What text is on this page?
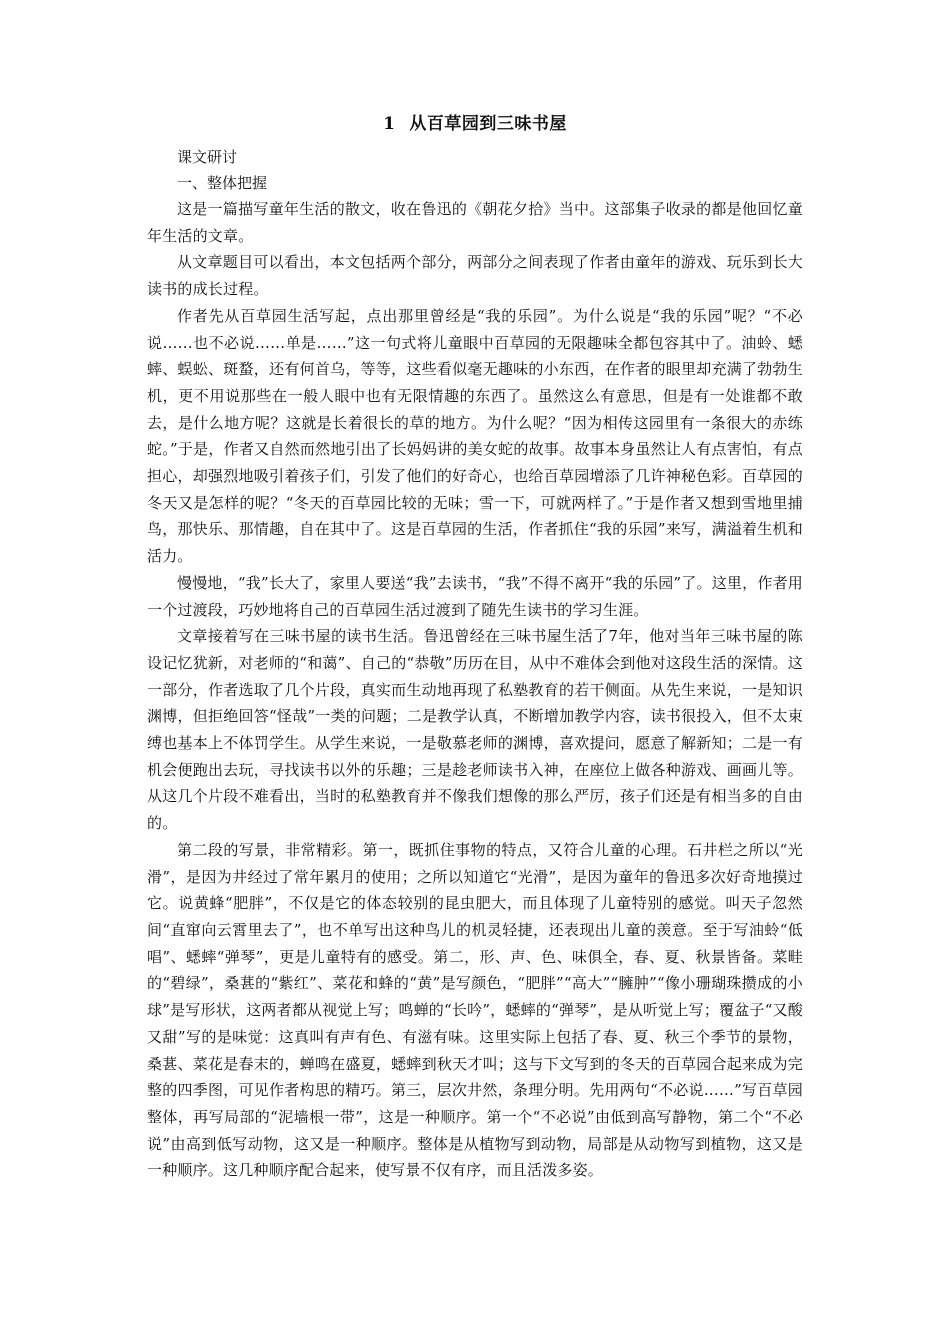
1 从百草园到三味书屋

课文研讨

一、整体把握

这是一篇描写童年生活的散文，收在鲁迅的《朝花夕拾》当中。这部集子收录的都是他回忆童年生活的文章。

从文章题目可以看出，本文包括两个部分，两部分之间表现了作者由童年的游戏、玩乐到长大读书的成长过程。

作者先从百草园生活写起，点出那里曾经是“我的乐园”。为什么说是“我的乐园”呢？“不必说……也不必说……单是……”这一句式将儿童眼中百草园的无限趣味全都包容其中了。油蛉、蟋蟀、蜈蚣、斑蝥，还有何首乌，等等，这些看似毫无趣味的小东西，在作者的眼里却充满了勃勃生机，更不用说那些在一般人眼中也有无限情趣的东西了。虽然这么有意思，但是有一处谁都不敢去，是什么地方呢？这就是长着很长的草的地方。为什么呢？“因为相传这园里有一条很大的赤练蛇。”于是，作者又自然而然地引出了长妈妈讲的美女蛇的故事。故事本身虽然让人有点害怕，有点担心，却强烈地吸引着孩子们，引发了他们的好奇心，也给百草园增添了几许神秘色彩。百草园的冬天又是怎样的呢？“冬天的百草园比较的无味；雪一下，可就两样了。”于是作者又想到雪地里捕鸟，那快乐、那情趣，自在其中了。这是百草园的生活，作者抓住“我的乐园”来写，满溢着生机和活力。

慢慢地，“我”长大了，家里人要送“我”去读书，“我”不得不离开“我的乐园”了。这里，作者用一个过渡段，巧妙地将自己的百草园生活过渡到了随先生读书的学习生涯。

文章接着写在三味书屋的读书生活。鲁迅曾经在三味书屋生活了7年，他对当年三味书屋的陈设记忆犹新，对老师的“和蔼”、自己的“恭敬”历历在目，从中不难体会到他对这段生活的深情。这一部分，作者选取了几个片段，真实而生动地再现了私塾教育的若干侧面。从先生来说，一是知识渊博，但拒绝回答“怪哉”一类的问题；二是教学认真，不断增加教学内容，读书很投入，但不太束缚也基本上不体罚学生。从学生来说，一是敬慕老师的渊博，喜欢提问，愿意了解新知；二是一有机会便跑出去玩，寻找读书以外的乐趣；三是趁老师读书入神，在座位上做各种游戏、画画儿等。从这几个片段不难看出，当时的私塾教育并不像我们想像的那么严厉，孩子们还是有相当多的自由的。

第二段的写景，非常精彩。第一，既抓住事物的特点，又符合儿童的心理。石井栏之所以“光滑”，是因为井经过了常年累月的使用；之所以知道它“光滑”，是因为童年的鲁迅多次好奇地摸过它。说黄蜂“肥胖”，不仅是它的体态较别的昆虫肥大，而且体现了儿童特别的感觉。叫天子忽然间“直窜向云霄里去了”，也不单写出这种鸟儿的机灵轻捷，还表现出儿童的羡意。至于写油蛉“低唱”、蟋蟀“弹琴”，更是儿童特有的感受。第二，形、声、色、味俱全，春、夏、秋景皆备。菜畦的“碧绿”，桑葚的“紫红”、菜花和蜂的“黄”是写颜色，“肥胖”“高大”“臃肿”“像小珊瑚珠攒成的小球”是写形状，这两者都从视觉上写；鸣蝉的“长吟”，蟋蟀的“弹琴”，是从听觉上写；覆盆子“又酸又甜”写的是味觉：这真叫有声有色、有滋有味。这里实际上包括了春、夏、秋三个季节的景物，桑葚、菜花是春末的，蝉鸣在盛夏，蟋蟀到秋天才叫；这与下文写到的冬天的百草园合起来成为完整的四季图，可见作者构思的精巧。第三，层次井然，条理分明。先用两句“不必说……”写百草园整体，再写局部的“泥墙根一带”，这是一种顺序。第一个“不必说”由低到高写静物，第二个“不必说”由高到低写动物，这又是一种顺序。整体是从植物写到动物，局部是从动物写到植物，这又是一种顺序。这几种顺序配合起来，使写景不仅有序，而且活泼多姿。
